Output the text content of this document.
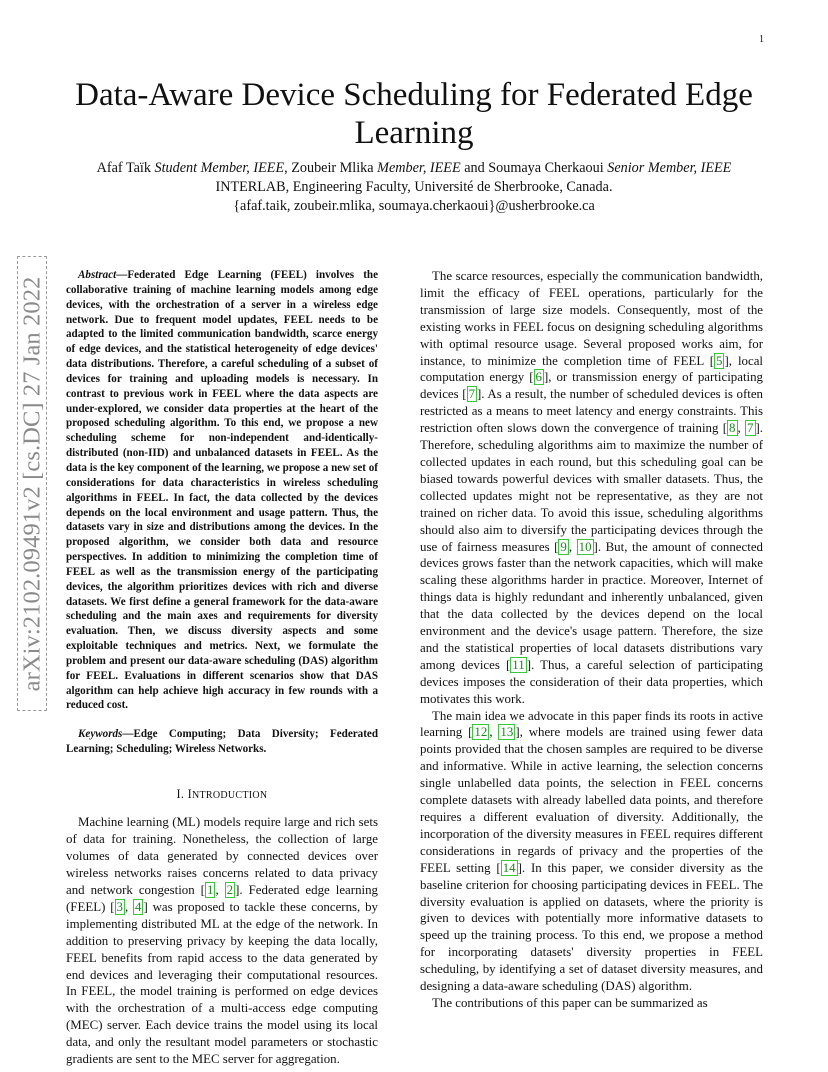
1
arXiv:2102.09491v2 [cs.DC] 27 Jan 2022
Data-Aware Device Scheduling for Federated Edge
Learning
Afaf Taïk Student Member, IEEE, Zoubeir Mlika Member, IEEE and Soumaya Cherkaoui Senior Member, IEEE
INTERLAB, Engineering Faculty, Université de Sherbrooke, Canada.
{afaf.taik, zoubeir.mlika, soumaya.cherkaoui}@usherbrooke.ca

Abstract—Federated Edge Learning (FEEL) involves the collaborative training of machine learning models among edge devices, with the orchestration of a server in a wireless edge network. Due to frequent model updates, FEEL needs to be adapted to the limited communication bandwidth, scarce energy of edge devices, and the statistical heterogeneity of edge devices' data distributions. Therefore, a careful scheduling of a subset of devices for training and uploading models is necessary. In contrast to previous work in FEEL where the data aspects are under-explored, we consider data properties at the heart of the proposed scheduling algorithm. To this end, we propose a new scheduling scheme for non-independent and-identically-distributed (non-IID) and unbalanced datasets in FEEL. As the data is the key component of the learning, we propose a new set of considerations for data characteristics in wireless scheduling algorithms in FEEL. In fact, the data collected by the devices depends on the local environment and usage pattern. Thus, the datasets vary in size and distributions among the devices. In the proposed algorithm, we consider both data and resource perspectives. In addition to minimizing the completion time of FEEL as well as the transmission energy of the participating devices, the algorithm prioritizes devices with rich and diverse datasets. We first define a general framework for the data-aware scheduling and the main axes and requirements for diversity evaluation. Then, we discuss diversity aspects and some exploitable techniques and metrics. Next, we formulate the problem and present our data-aware scheduling (DAS) algorithm for FEEL. Evaluations in different scenarios show that DAS algorithm can help achieve high accuracy in few rounds with a reduced cost.

Keywords—Edge Computing; Data Diversity; Federated Learning; Scheduling; Wireless Networks.

I. INTRODUCTION

Machine learning (ML) models require large and rich sets of data for training. Nonetheless, the collection of large volumes of data generated by connected devices over wireless networks raises concerns related to data privacy and network congestion [ 1 , 2 ]. Federated edge learning (FEEL) [ 3 , 4 ] was proposed to tackle these concerns, by implementing distributed ML at the edge of the network. In addition to preserving privacy by keeping the data locally, FEEL benefits from rapid access to the data generated by end devices and leveraging their computational resources. In FEEL, the model training is performed on edge devices with the orchestration of a multi-access edge computing (MEC) server. Each device trains the model using its local data, and only the resultant model parameters or stochastic gradients are sent to the MEC server for aggregation.

The scarce resources, especially the communication bandwidth, limit the efficacy of FEEL operations, particularly for the transmission of large size models. Consequently, most of the existing works in FEEL focus on designing scheduling algorithms with optimal resource usage. Several proposed works aim, for instance, to minimize the completion time of FEEL [ 5 ], local computation energy [ 6 ], or transmission energy of participating devices [ 7 ]. As a result, the number of scheduled devices is often restricted as a means to meet latency and energy constraints. This restriction often slows down the convergence of training [ 8 , 7 ]. Therefore, scheduling algorithms aim to maximize the number of collected updates in each round, but this scheduling goal can be biased towards powerful devices with smaller datasets. Thus, the collected updates might not be representative, as they are not trained on richer data. To avoid this issue, scheduling algorithms should also aim to diversify the participating devices through the use of fairness measures [ 9 , 10 ]. But, the amount of connected devices grows faster than the network capacities, which will make scaling these algorithms harder in practice. Moreover, Internet of things data is highly redundant and inherently unbalanced, given that the data collected by the devices depend on the local environment and the device's usage pattern. Therefore, the size and the statistical properties of local datasets distributions vary among devices [ 11 ]. Thus, a careful selection of participating devices imposes the consideration of their data properties, which motivates this work.

The main idea we advocate in this paper finds its roots in active learning [ 12 , 13 ], where models are trained using fewer data points provided that the chosen samples are required to be diverse and informative. While in active learning, the selection concerns single unlabelled data points, the selection in FEEL concerns complete datasets with already labelled data points, and therefore requires a different evaluation of diversity. Additionally, the incorporation of the diversity measures in FEEL requires different considerations in regards of privacy and the properties of the FEEL setting [ 14 ]. In this paper, we consider diversity as the baseline criterion for choosing participating devices in FEEL. The diversity evaluation is applied on datasets, where the priority is given to devices with potentially more informative datasets to speed up the training process. To this end, we propose a method for incorporating datasets' diversity properties in FEEL scheduling, by identifying a set of dataset diversity measures, and designing a data-aware scheduling (DAS) algorithm.

The contributions of this paper can be summarized as
